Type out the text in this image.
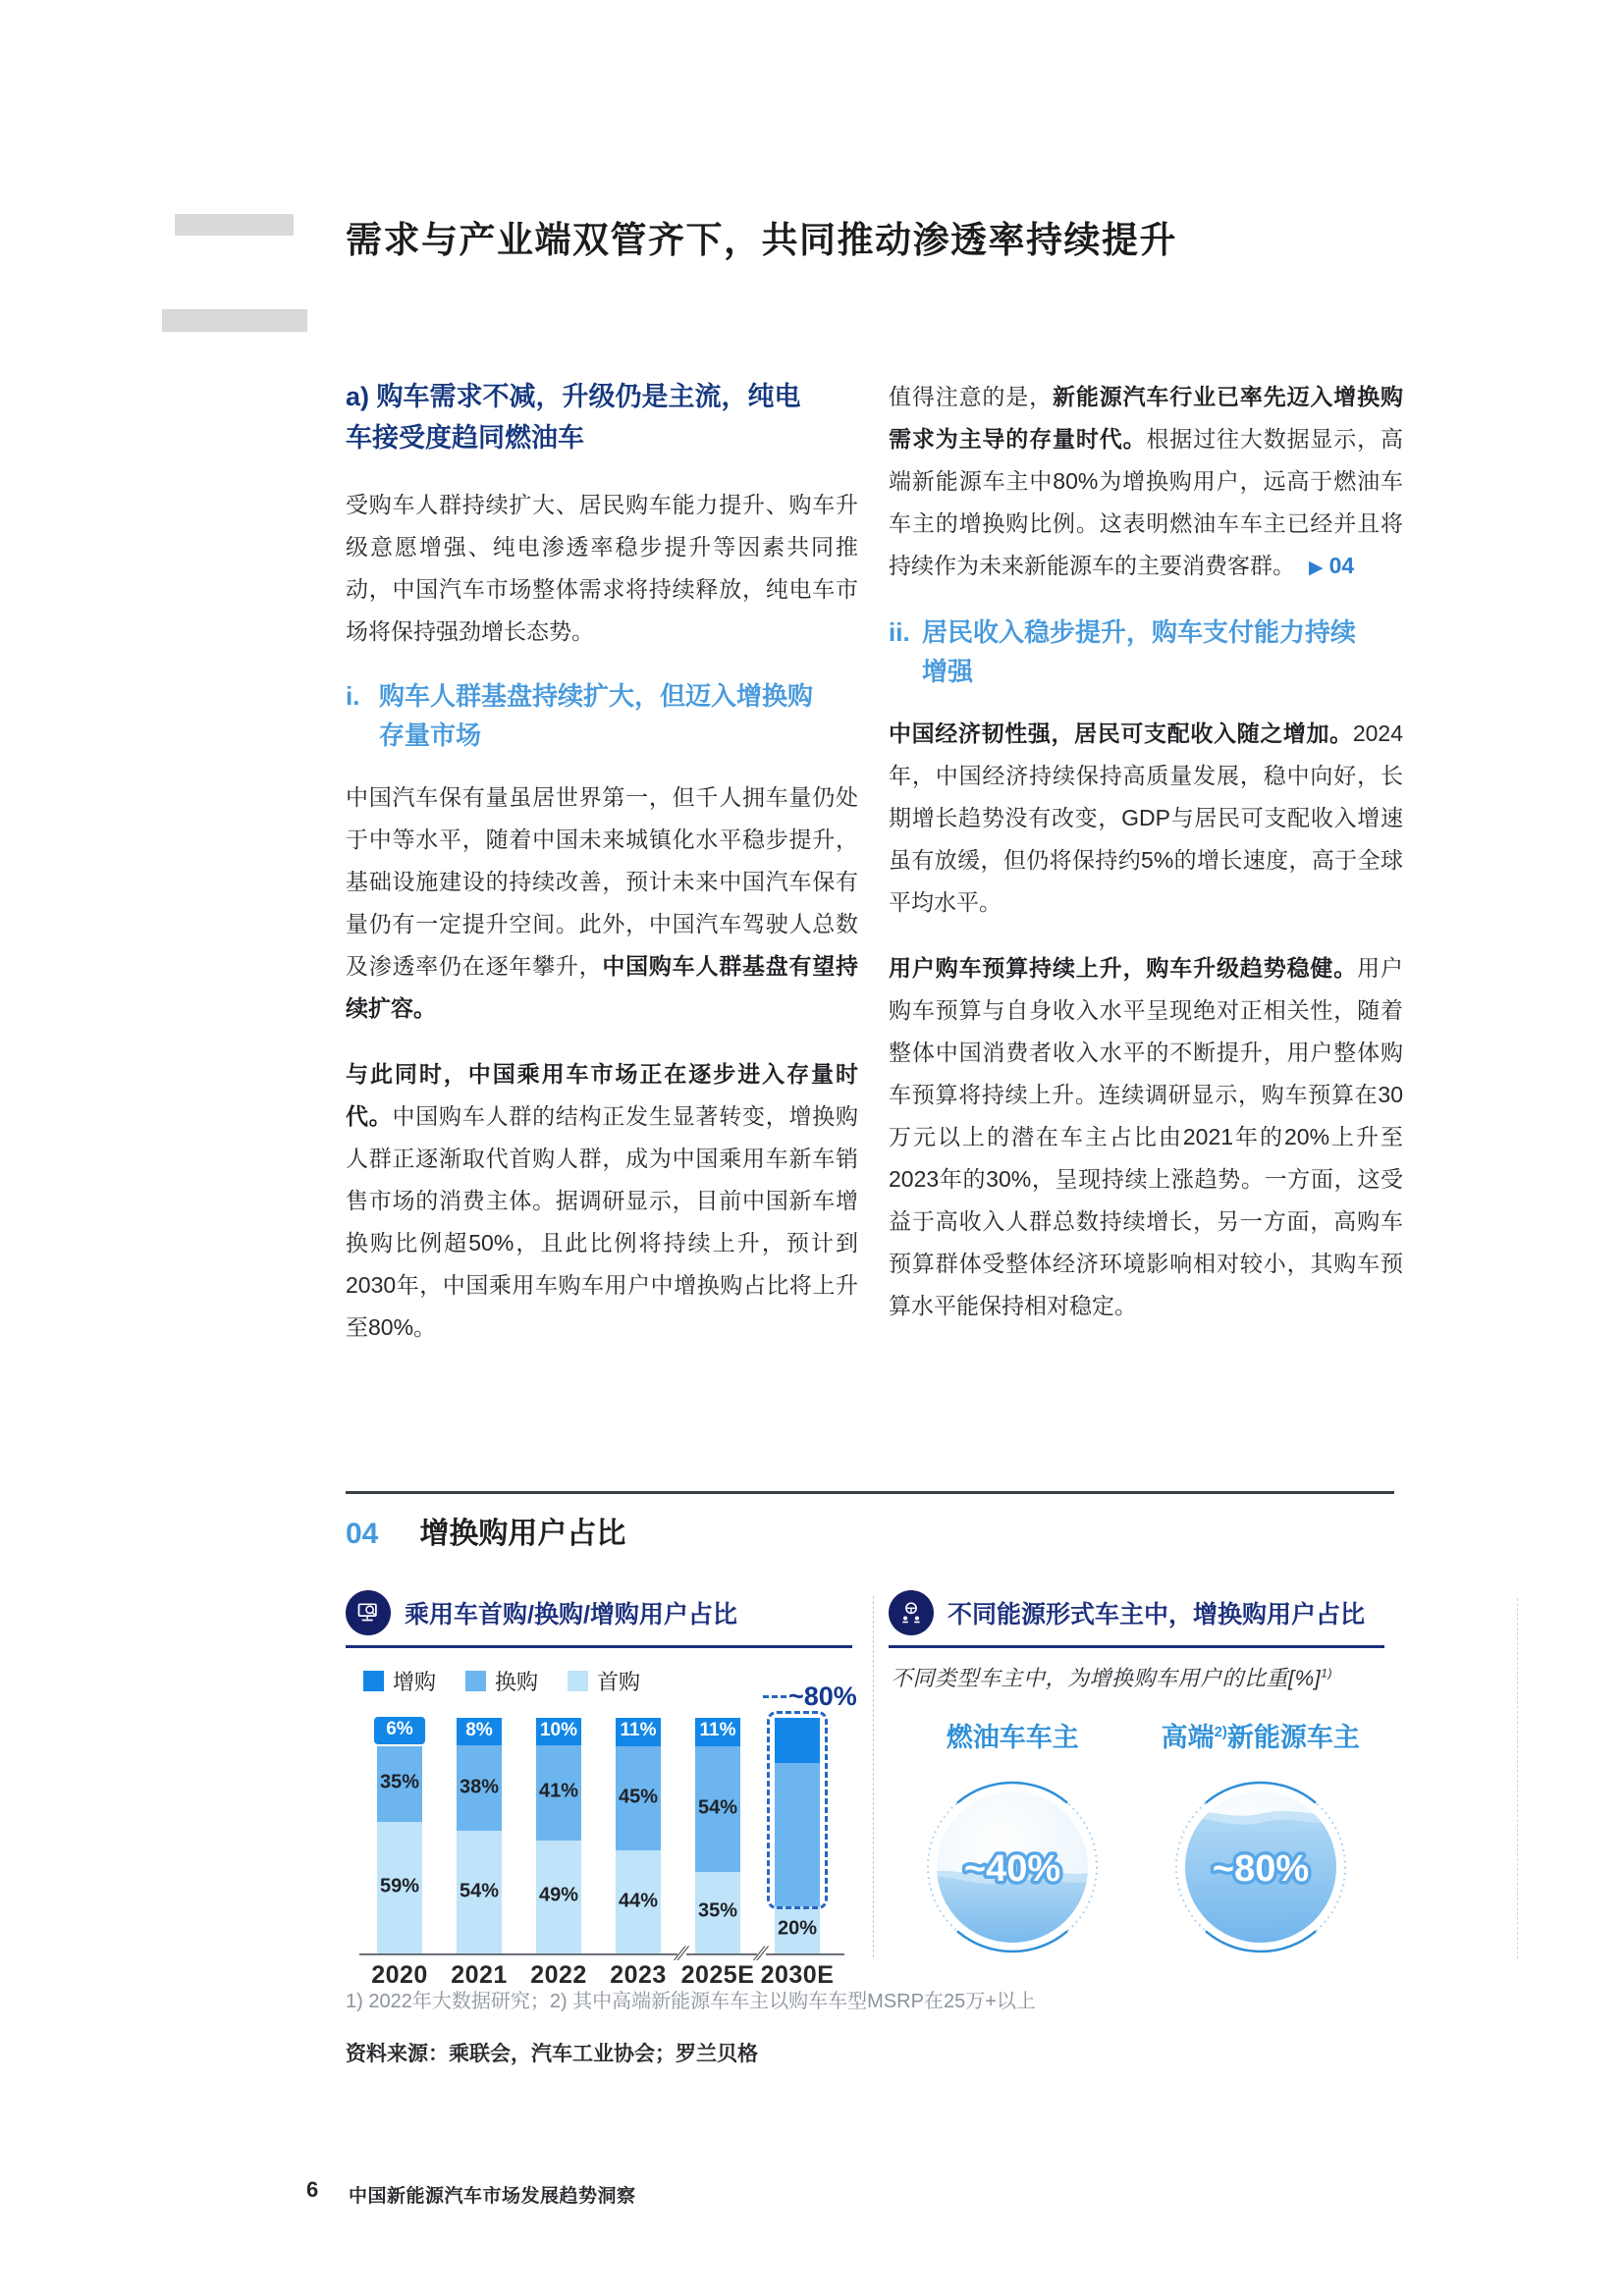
需求与产业端双管齐下，共同推动渗透率持续提升
a) 购车需求不减，升级仍是主流，纯电车接受度趋同燃油车

受购车人群持续扩大、居民购车能力提升、购车升级意愿增强、纯电渗透率稳步提升等因素共同推动，中国汽车市场整体需求将持续释放，纯电车市场将保持强劲增长态势。

i. 购车人群基盘持续扩大，但迈入增换购存量市场

中国汽车保有量虽居世界第一，但千人拥车量仍处于中等水平，随着中国未来城镇化水平稳步提升，基础设施建设的持续改善，预计未来中国汽车保有量仍有一定提升空间。此外，中国汽车驾驶人总数及渗透率仍在逐年攀升，中国购车人群基盘有望持续扩容。

与此同时，中国乘用车市场正在逐步进入存量时代。中国购车人群的结构正发生显著转变，增换购人群正逐渐取代首购人群，成为中国乘用车新车销售市场的消费主体。据调研显示，目前中国新车增换购比例超50%，且此比例将持续上升，预计到2030年，中国乘用车购车用户中增换购占比将上升至80%。

值得注意的是，新能源汽车行业已率先迈入增换购需求为主导的存量时代。根据过往大数据显示，高端新能源车主中80%为增换购用户，远高于燃油车车主的增换购比例。这表明燃油车车主已经并且将持续作为未来新能源车的主要消费客群。 ▶ 04

ii. 居民收入稳步提升，购车支付能力持续增强

中国经济韧性强，居民可支配收入随之增加。2024年，中国经济持续保持高质量发展，稳中向好，长期增长趋势没有改变，GDP与居民可支配收入增速虽有放缓，但仍将保持约5%的增长速度，高于全球平均水平。

用户购车预算持续上升，购车升级趋势稳健。用户购车预算与自身收入水平呈现绝对正相关性，随着整体中国消费者收入水平的不断提升，用户整体购车预算将持续上升。连续调研显示，购车预算在30万元以上的潜在车主占比由2021年的20%上升至2023年的30%，呈现持续上涨趋势。一方面，这受益于高收入人群总数持续增长，另一方面，高购车预算群体受整体经济环境影响相对较小，其购车预算水平能保持相对稳定。

04 增换购用户占比
乘用车首购/换购/增购用户占比
增购	换购	首购
59%
35%
6%
2020
54%
38%
8%
2021
49%
41%
10%
2022
44%
45%
11%
2023
35%
54%
11%
2025E
20%
~80%
2030E
∕∕	∕∕
不同能源形式车主中，增换购用户占比
不同类型车主中，为增换购车用户的比重[%]$^{1)}$
燃油车车主
~40%
高端$^{2)}$新能源车主
~80%
1) 2022年大数据研究；2) 其中高端新能源车车主以购车车型MSRP在25万+以上
资料来源：乘联会，汽车工业协会；罗兰贝格
6 中国新能源汽车市场发展趋势洞察
